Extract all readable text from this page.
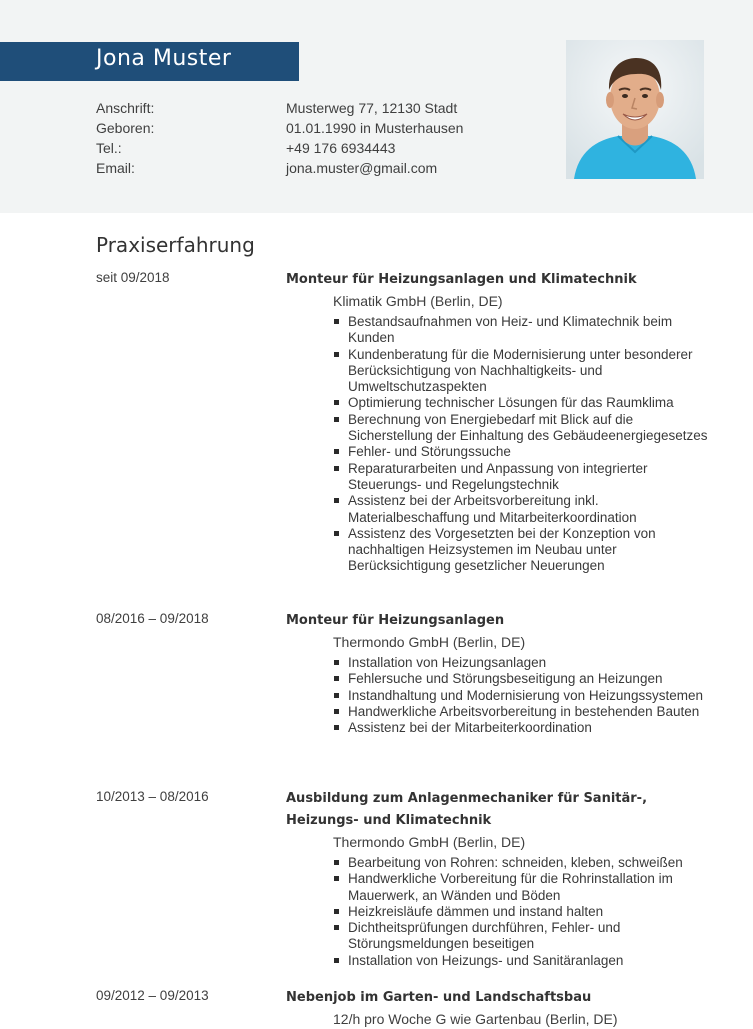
Jona Muster
Anschrift:	Musterweg 77, 12130 Stadt
Geboren:	01.01.1990 in Musterhausen
Tel.:	+49 176 6934443
Email:	jona.muster@gmail.com
Praxiserfahrung
seit 09/2018	Monteur für Heizungsanlagen und Klimatechnik
Klimatik GmbH (Berlin, DE)
Bestandsaufnahmen von Heiz- und Klimatechnik beim Kunden
Kundenberatung für die Modernisierung unter besonderer Berücksichtigung von Nachhaltigkeits- und Umweltschutzaspekten
Optimierung technischer Lösungen für das Raumklima
Berechnung von Energiebedarf mit Blick auf die Sicherstellung der Einhaltung des Gebäudeenergiegesetzes
Fehler- und Störungssuche
Reparaturarbeiten und Anpassung von integrierter Steuerungs- und Regelungstechnik
Assistenz bei der Arbeitsvorbereitung inkl. Materialbeschaffung und Mitarbeiterkoordination
Assistenz des Vorgesetzten bei der Konzeption von nachhaltigen Heizsystemen im Neubau unter Berücksichtigung gesetzlicher Neuerungen
08/2016 – 09/2018	Monteur für Heizungsanlagen
Thermondo GmbH (Berlin, DE)
Installation von Heizungsanlagen
Fehlersuche und Störungsbeseitigung an Heizungen
Instandhaltung und Modernisierung von Heizungssystemen
Handwerkliche Arbeitsvorbereitung in bestehenden Bauten
Assistenz bei der Mitarbeiterkoordination
10/2013 – 08/2016	Ausbildung zum Anlagenmechaniker für Sanitär-, Heizungs- und Klimatechnik
Thermondo GmbH (Berlin, DE)
Bearbeitung von Rohren: schneiden, kleben, schweißen
Handwerkliche Vorbereitung für die Rohrinstallation im Mauerwerk, an Wänden und Böden
Heizkreisläufe dämmen und instand halten
Dichtheitsprüfungen durchführen, Fehler- und Störungsmeldungen beseitigen
Installation von Heizungs- und Sanitäranlagen
09/2012 – 09/2013	Nebenjob im Garten- und Landschaftsbau
12/h pro Woche G wie Gartenbau (Berlin, DE)
